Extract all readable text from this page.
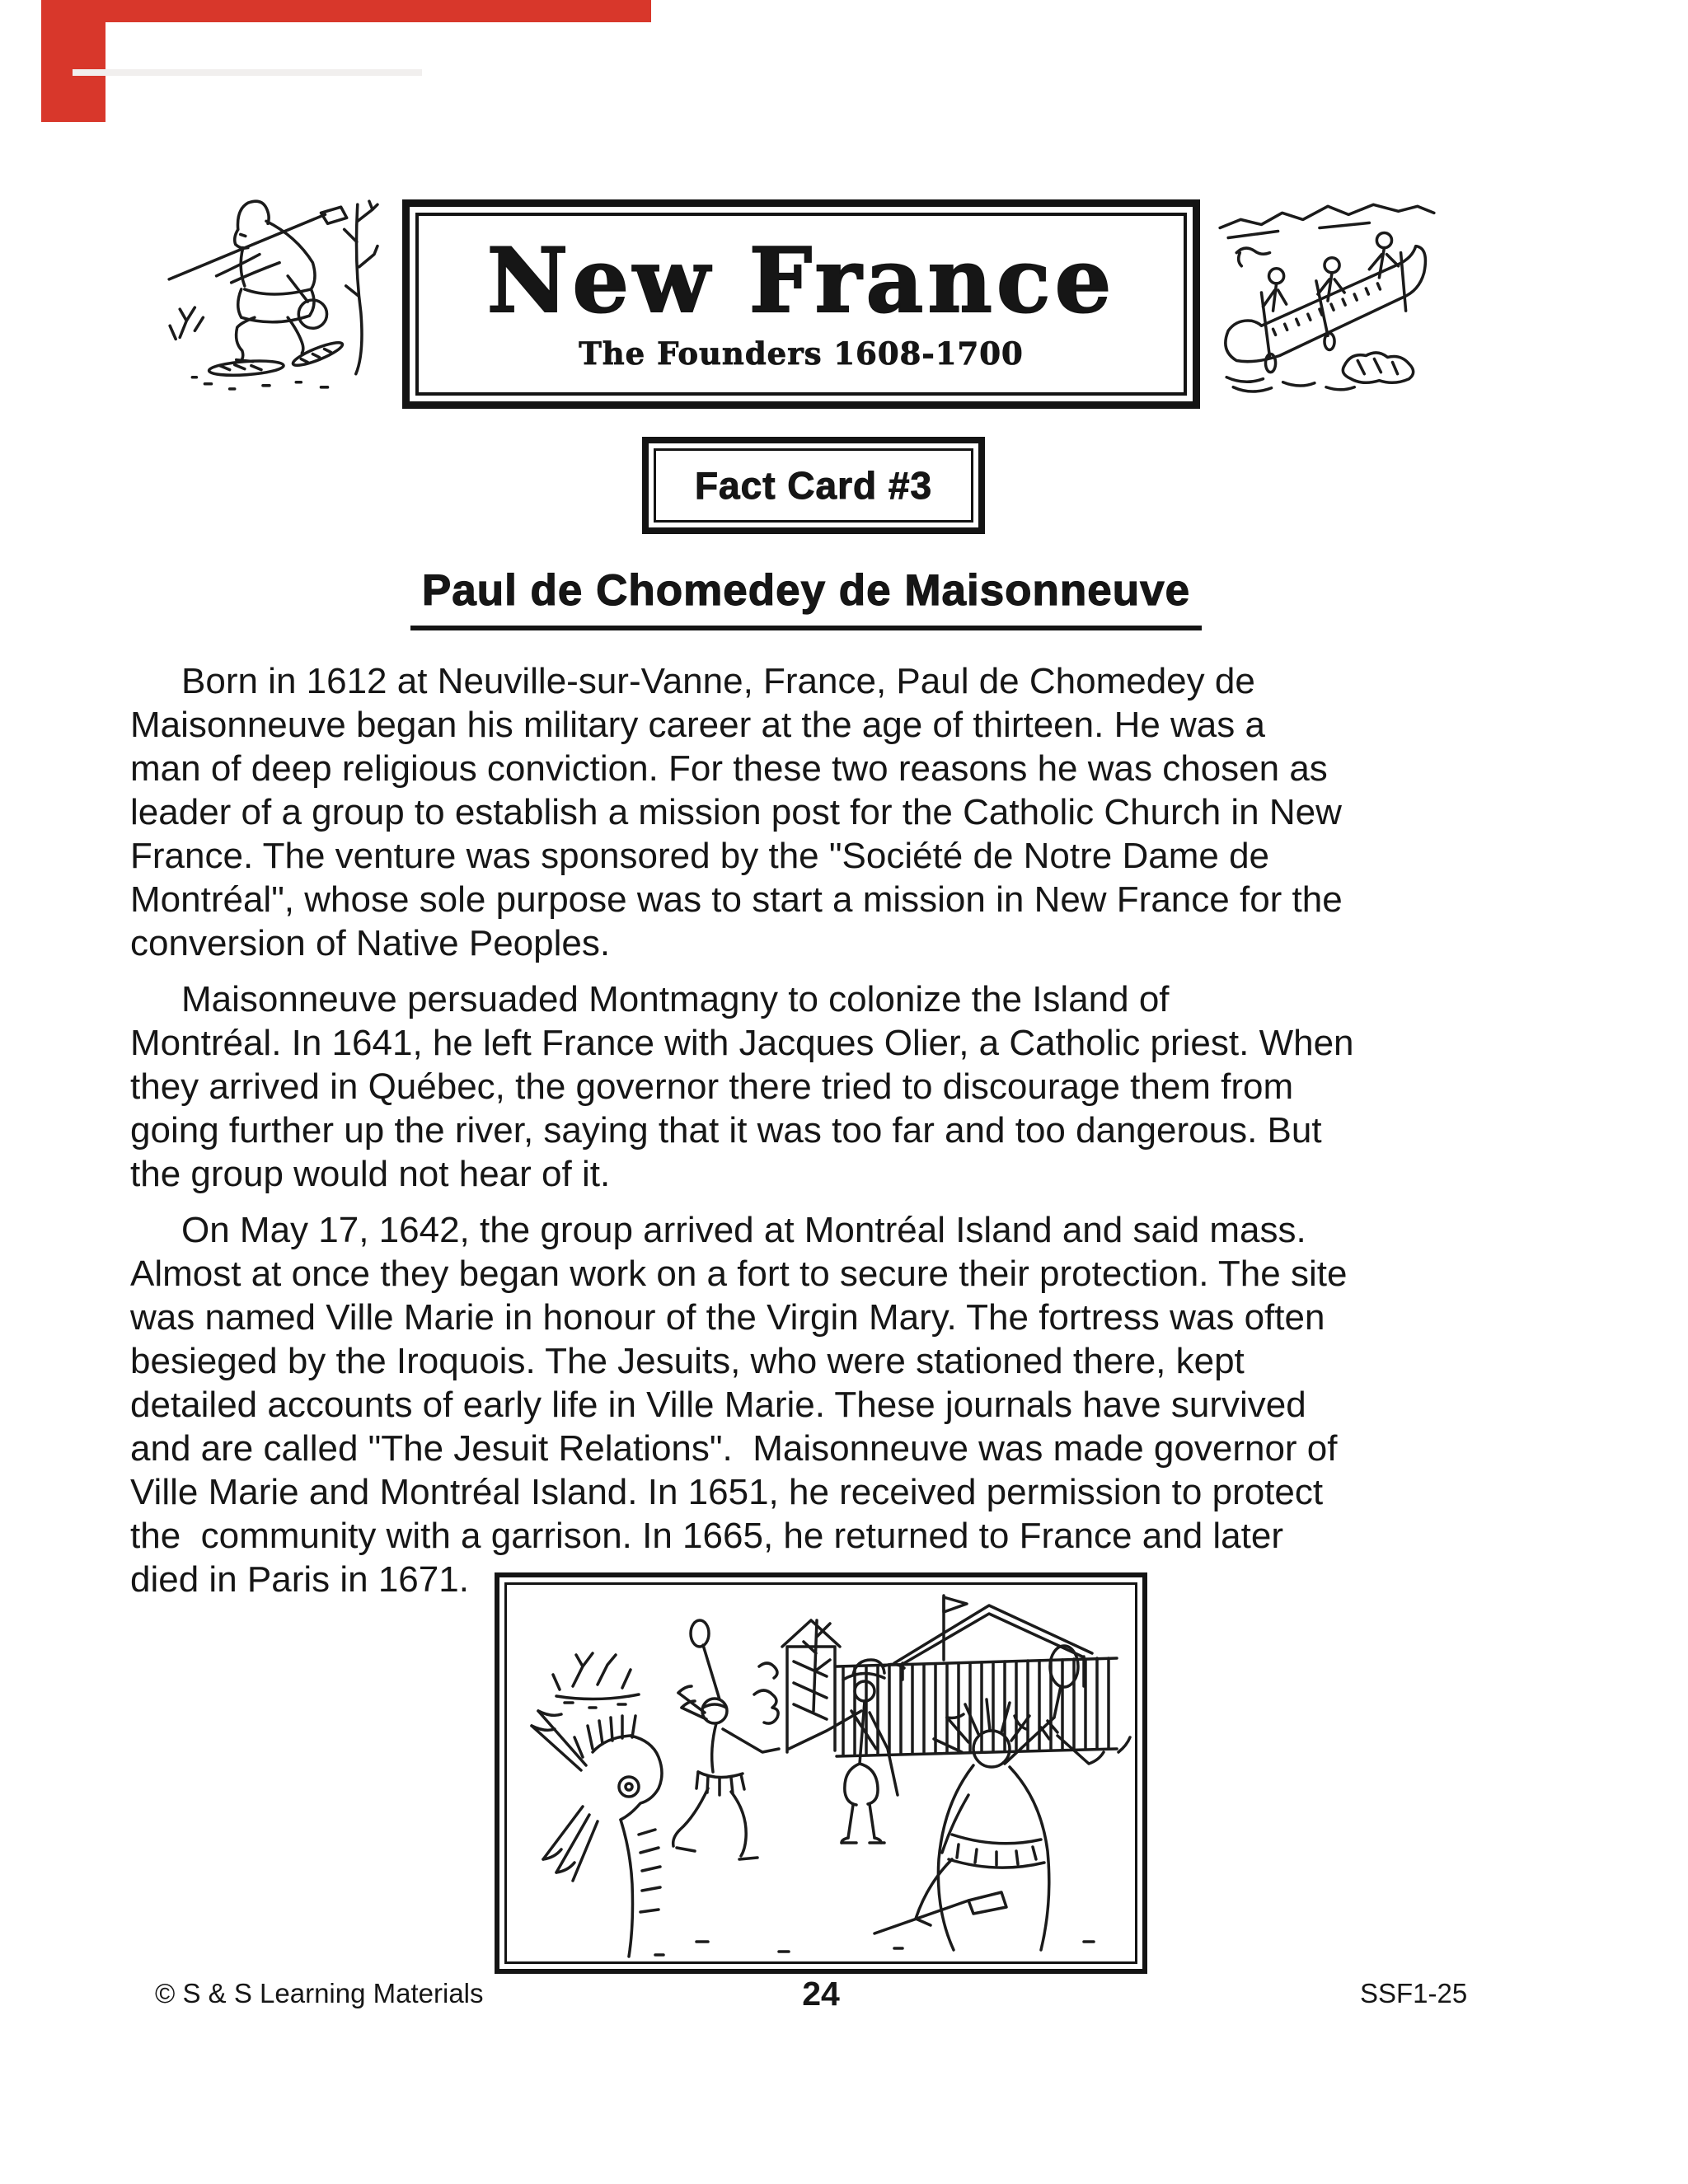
New France
The Founders 1608-1700
Fact Card #3
Paul de Chomedey de Maisonneuve
Born in 1612 at Neuville-sur-Vanne, France, Paul de Chomedey de
Maisonneuve began his military career at the age of thirteen. He was a
man of deep religious conviction. For these two reasons he was chosen as
leader of a group to establish a mission post for the Catholic Church in New
France. The venture was sponsored by the "Société de Notre Dame de
Montréal", whose sole purpose was to start a mission in New France for the
conversion of Native Peoples.
Maisonneuve persuaded Montmagny to colonize the Island of
Montréal. In 1641, he left France with Jacques Olier, a Catholic priest. When
they arrived in Québec, the governor there tried to discourage them from
going further up the river, saying that it was too far and too dangerous. But
the group would not hear of it.
On May 17, 1642, the group arrived at Montréal Island and said mass.
Almost at once they began work on a fort to secure their protection. The site
was named Ville Marie in honour of the Virgin Mary. The fortress was often
besieged by the Iroquois. The Jesuits, who were stationed there, kept
detailed accounts of early life in Ville Marie. These journals have survived
and are called "The Jesuit Relations".  Maisonneuve was made governor of
Ville Marie and Montréal Island. In 1651, he received permission to protect
the  community with a garrison. In 1665, he returned to France and later
died in Paris in 1671.
24
© S & S Learning Materials	SSF1-25
